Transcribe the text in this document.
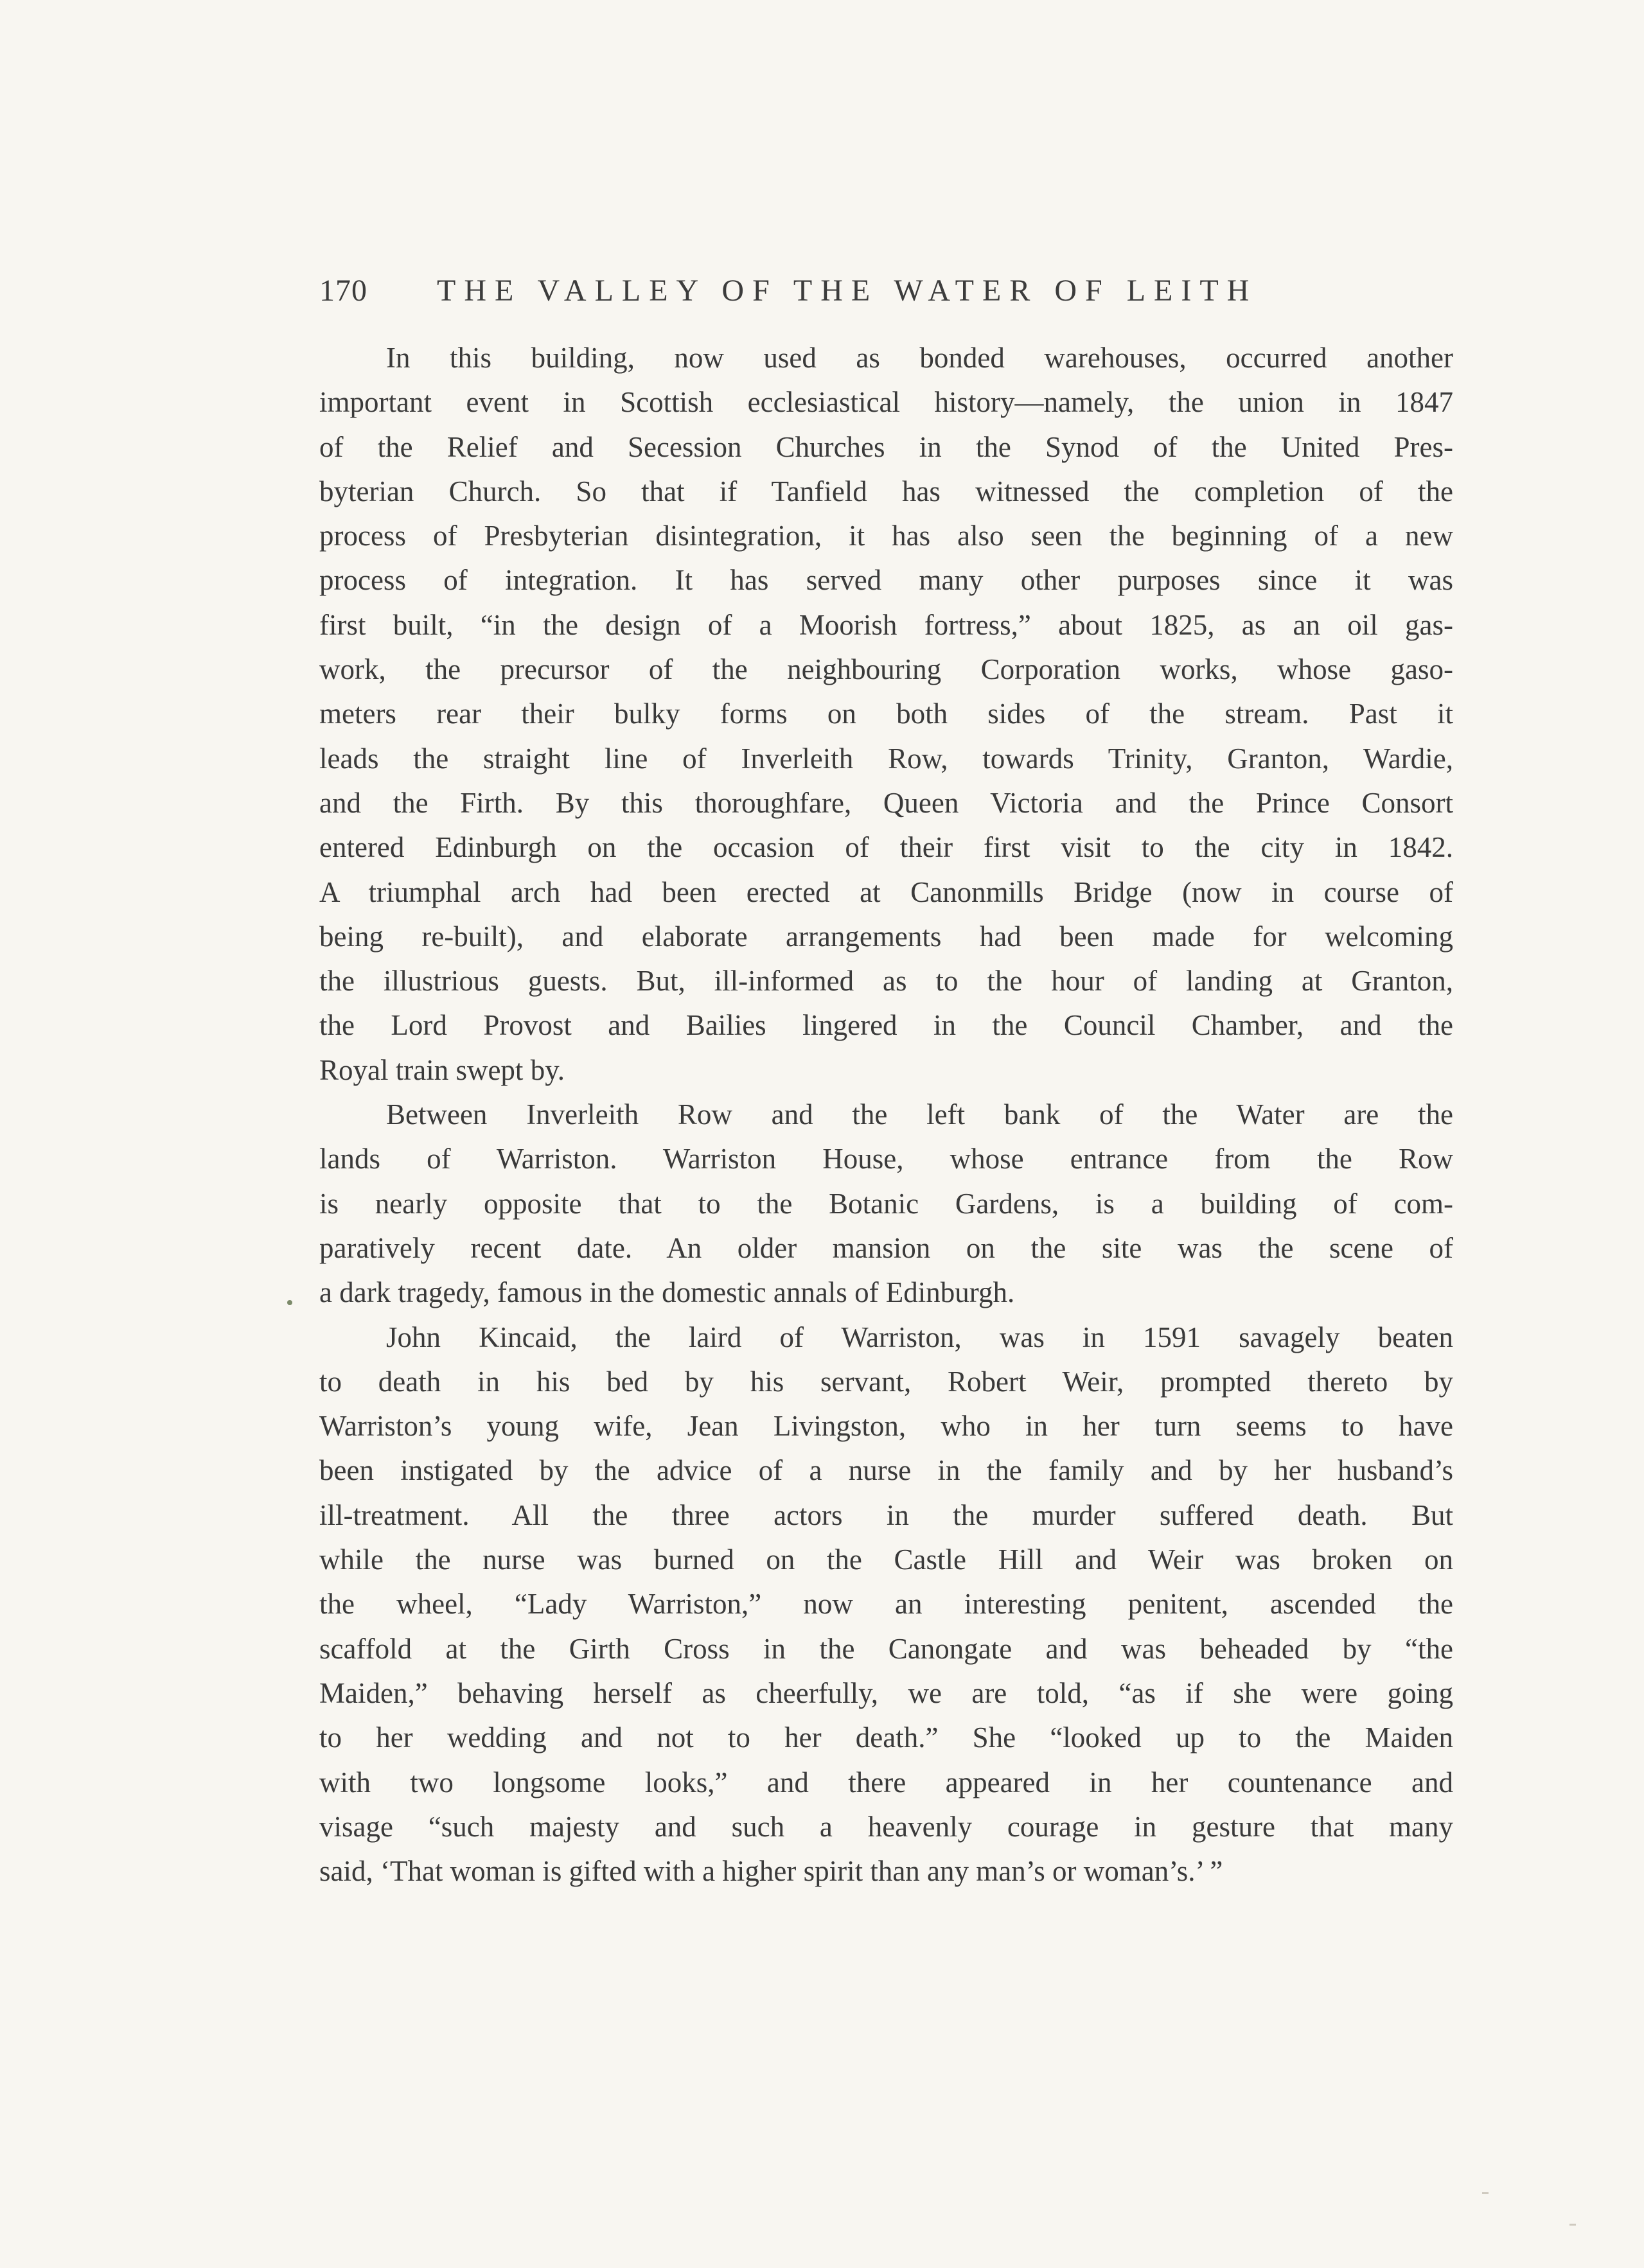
170 THE VALLEY OF THE WATER OF LEITH
In this building, now used as bonded warehouses, occurred another
important event in Scottish ecclesiastical history—namely, the union in 1847
of the Relief and Secession Churches in the Synod of the United Pres-
byterian Church. So that if Tanfield has witnessed the completion of the
process of Presbyterian disintegration, it has also seen the beginning of a new
process of integration. It has served many other purposes since it was
first built, “in the design of a Moorish fortress,” about 1825, as an oil gas-
work, the precursor of the neighbouring Corporation works, whose gaso-
meters rear their bulky forms on both sides of the stream. Past it
leads the straight line of Inverleith Row, towards Trinity, Granton, Wardie,
and the Firth. By this thoroughfare, Queen Victoria and the Prince Consort
entered Edinburgh on the occasion of their first visit to the city in 1842.
A triumphal arch had been erected at Canonmills Bridge (now in course of
being re-built), and elaborate arrangements had been made for welcoming
the illustrious guests. But, ill-informed as to the hour of landing at Granton,
the Lord Provost and Bailies lingered in the Council Chamber, and the
Royal train swept by.
Between Inverleith Row and the left bank of the Water are the
lands of Warriston. Warriston House, whose entrance from the Row
is nearly opposite that to the Botanic Gardens, is a building of com-
paratively recent date. An older mansion on the site was the scene of
a dark tragedy, famous in the domestic annals of Edinburgh.
John Kincaid, the laird of Warriston, was in 1591 savagely beaten
to death in his bed by his servant, Robert Weir, prompted thereto by
Warriston’s young wife, Jean Livingston, who in her turn seems to have
been instigated by the advice of a nurse in the family and by her husband’s
ill-treatment. All the three actors in the murder suffered death. But
while the nurse was burned on the Castle Hill and Weir was broken on
the wheel, “Lady Warriston,” now an interesting penitent, ascended the
scaffold at the Girth Cross in the Canongate and was beheaded by “the
Maiden,” behaving herself as cheerfully, we are told, “as if she were going
to her wedding and not to her death.” She “looked up to the Maiden
with two longsome looks,” and there appeared in her countenance and
visage “such majesty and such a heavenly courage in gesture that many
said, ‘That woman is gifted with a higher spirit than any man’s or woman’s.’ ”
